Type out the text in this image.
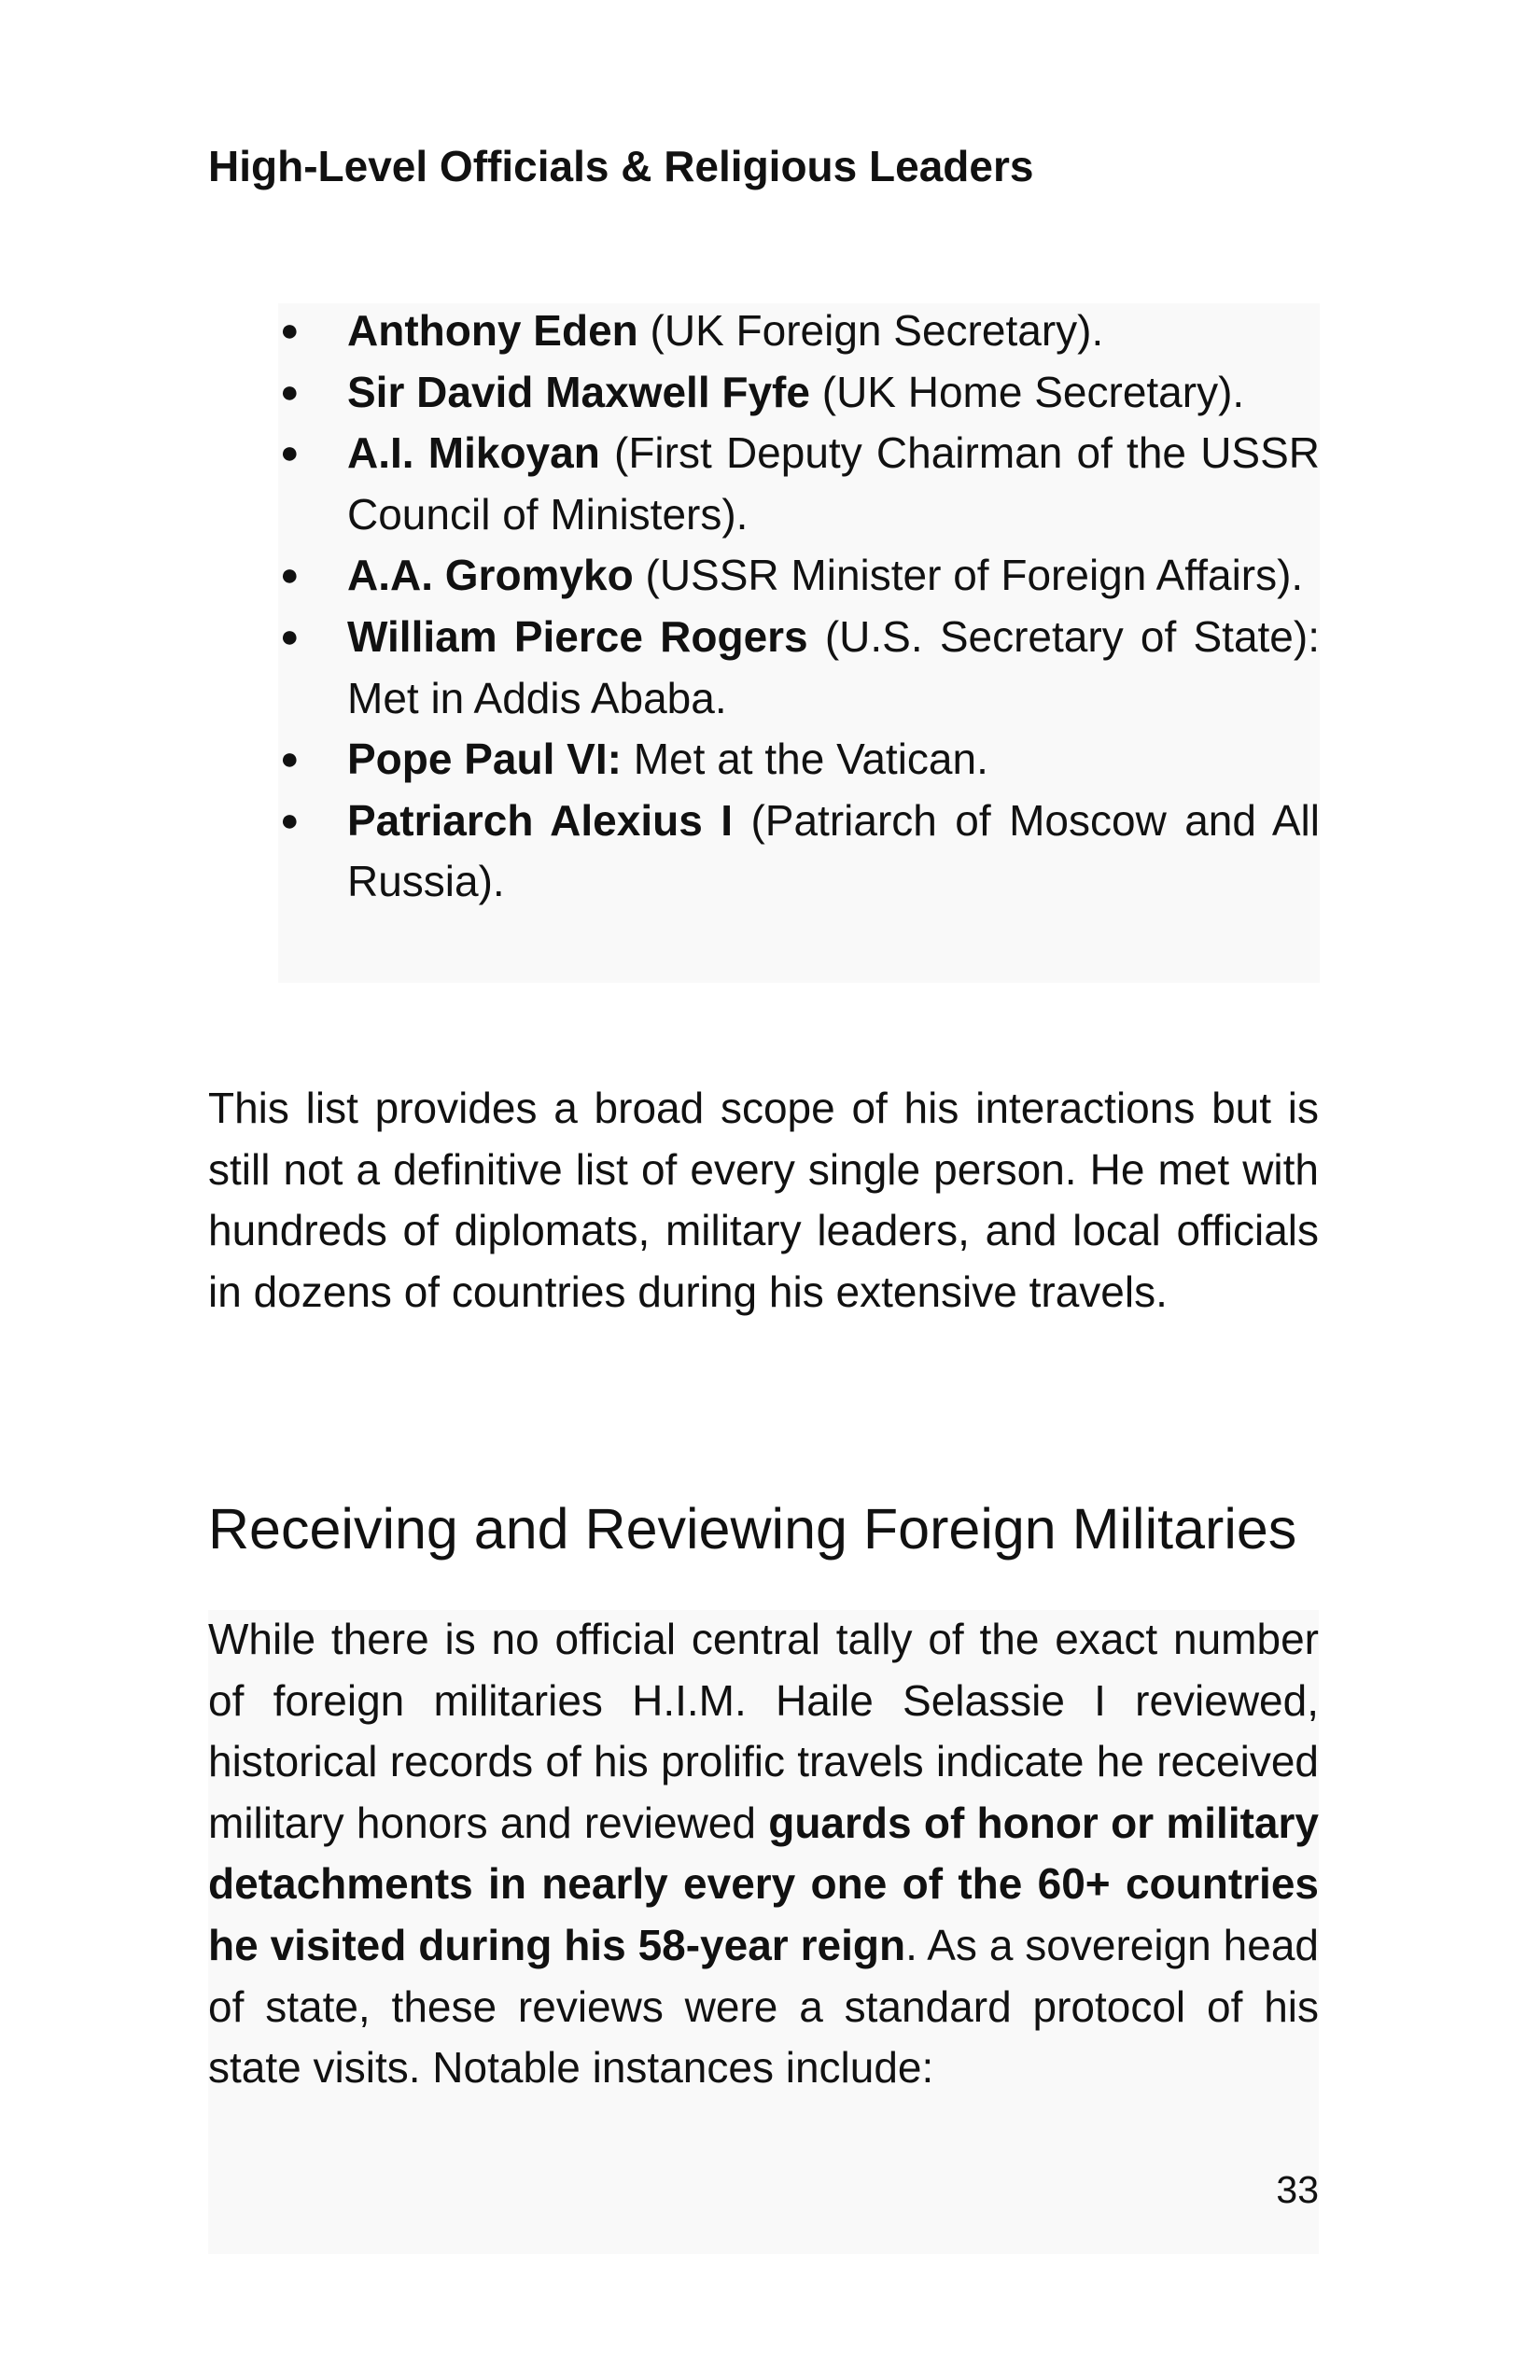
High-Level Officials & Religious Leaders
●	Anthony Eden (UK Foreign Secretary).
●	Sir David Maxwell Fyfe (UK Home Secretary).
●	A.I. Mikoyan (First Deputy Chairman of the USSR Council of Ministers).
●	A.A. Gromyko (USSR Minister of Foreign Affairs).
●	William Pierce Rogers (U.S. Secretary of State): Met in Addis Ababa.
●	Pope Paul VI: Met at the Vatican.
●	Patriarch Alexius I (Patriarch of Moscow and All Russia).

This list provides a broad scope of his interactions but is still not a definitive list of every single person. He met with hundreds of diplomats, military leaders, and local officials in dozens of countries during his extensive travels.

Receiving and Reviewing Foreign Militaries

While there is no official central tally of the exact number of foreign militaries H.I.M. Haile Selassie I reviewed, historical records of his prolific travels indicate he received military honors and reviewed guards of honor or military detachments in nearly every one of the 60+ countries he visited during his 58-year reign. As a sovereign head of state, these reviews were a standard protocol of his state visits. Notable instances include:

33
